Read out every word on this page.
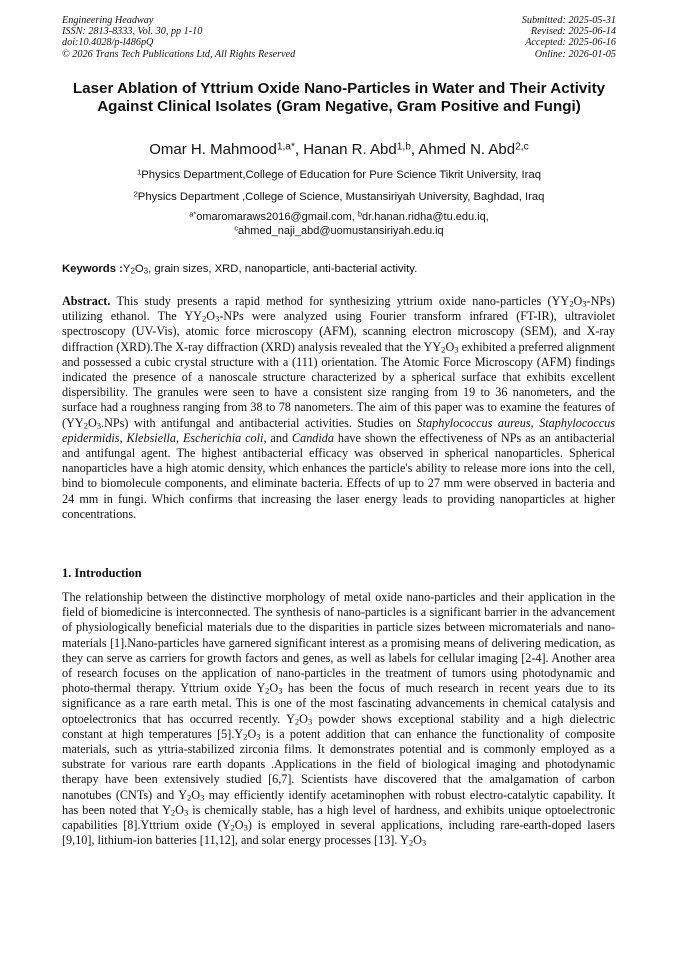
Engineering Headway
ISSN: 2813-8333, Vol. 30, pp 1-10
doi:10.4028/p-l486pQ
© 2026 Trans Tech Publications Ltd, All Rights Reserved
Submitted: 2025-05-31
Revised: 2025-06-14
Accepted: 2025-06-16
Online: 2026-01-05
Laser Ablation of Yttrium Oxide Nano-Particles in Water and Their Activity Against Clinical Isolates (Gram Negative, Gram Positive and Fungi)
Omar H. Mahmood$^{1,a*}$, Hanan R. Abd$^{1,b}$, Ahmed N. Abd$^{2,c}$
$^1$Physics Department,College of Education for Pure Science Tikrit University, Iraq
$^2$Physics Department ,College of Science, Mustansiriyah University, Baghdad, Iraq
$^{a*}$omaromaraws2016@gmail.com, $^b$dr.hanan.ridha@tu.edu.iq,
$^c$ahmed_naji_abd@uomustansiriyah.edu.iq
Keywords $:Y_2O_3$, grain sizes, XRD, nanoparticle, anti-bacterial activity.
Abstract. This study presents a rapid method for synthesizing yttrium oxide nano-particles $(YY_2O_3-NPs)$ utilizing ethanol. The $YY_2O_3$-NPs were analyzed using Fourier transform infrared (FT-IR), ultraviolet spectroscopy (UV-Vis), atomic force microscopy (AFM), scanning electron microscopy (SEM), and X-ray diffraction (XRD).The X-ray diffraction (XRD) analysis revealed that the $YY_2O_3$ exhibited a preferred alignment and possessed a cubic crystal structure with a (111) orientation. The Atomic Force Microscopy (AFM) findings indicated the presence of a nanoscale structure characterized by a spherical surface that exhibits excellent dispersibility. The granules were seen to have a consistent size ranging from 19 to 36 nanometers, and the surface had a roughness ranging from 38 to 78 nanometers. The aim of this paper was to examine the features of $(YY_2O_3.NPs)$ with antifungal and antibacterial activities. Studies on Staphylococcus aureus, Staphylococcus epidermidis, Klebsiella, Escherichia coli, and Candida have shown the effectiveness of NPs as an antibacterial and antifungal agent. The highest antibacterial efficacy was observed in spherical nanoparticles. Spherical nanoparticles have a high atomic density, which enhances the particle's ability to release more ions into the cell, bind to biomolecule components, and eliminate bacteria. Effects of up to 27 mm were observed in bacteria and 24 mm in fungi. Which confirms that increasing the laser energy leads to providing nanoparticles at higher concentrations.
1. Introduction
The relationship between the distinctive morphology of metal oxide nano-particles and their application in the field of biomedicine is interconnected. The synthesis of nano-particles is a significant barrier in the advancement of physiologically beneficial materials due to the disparities in particle sizes between micromaterials and nano-materials [1].Nano-particles have garnered significant interest as a promising means of delivering medication, as they can serve as carriers for growth factors and genes, as well as labels for cellular imaging [2-4]. Another area of research focuses on the application of nano-particles in the treatment of tumors using photodynamic and photo-thermal therapy. Yttrium oxide Y2O3 has been the focus of much research in recent years due to its significance as a rare earth metal. This is one of the most fascinating advancements in chemical catalysis and optoelectronics that has occurred recently. Y2O3 powder shows exceptional stability and a high dielectric constant at high temperatures [5].Y2O3 is a potent addition that can enhance the functionality of composite materials, such as yttria-stabilized zirconia films. It demonstrates potential and is commonly employed as a substrate for various rare earth dopants .Applications in the field of biological imaging and photodynamic therapy have been extensively studied [6,7]. Scientists have discovered that the amalgamation of carbon nanotubes (CNTs) and Y2O3 may efficiently identify acetaminophen with robust electro-catalytic capability. It has been noted that Y2O3 is chemically stable, has a high level of hardness, and exhibits unique optoelectronic capabilities [8].Yttrium oxide (Y2O3) is employed in several applications, including rare-earth-doped lasers [9,10], lithium-ion batteries [11,12], and solar energy processes [13]. Y2O3
